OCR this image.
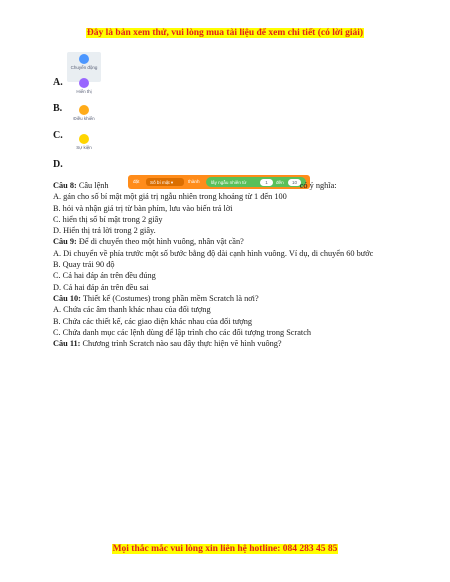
Đây là bản xem thử, vui lòng mua tài liệu để xem chi tiết (có lời giải)
A.
Chuyển động
B.
Hiển thị
C.
Điều khiển
D.
Sự kiện
đặt Số bí mật ▾	thành	lấy ngẫu nhiên từ	1	đến	10
Câu 8: Câu lệnh	có ý nghĩa:
A. gán cho số bí mật một giá trị ngẫu nhiên trong khoảng từ 1 đến 100
B. hỏi và nhận giá trị từ bàn phím, lưu vào biến trả lời
C. hiển thị số bí mật trong 2 giây
D. Hiển thị trả lời trong 2 giây.
Câu 9: Để di chuyển theo một hình vuông, nhân vật cần?
A. Di chuyển về phía trước một số bước bằng độ dài cạnh hình vuông. Ví dụ, di chuyển 60 bước
B. Quay trái 90 độ
C. Cả hai đáp án trên đều đúng
D. Cả hai đáp án trên đều sai
Câu 10: Thiết kế (Costumes) trong phần mềm Scratch là nơi?
A. Chứa các âm thanh khác nhau của đối tượng
B. Chứa các thiết kế, các giao diện khác nhau của đối tượng
C. Chứa danh mục các lệnh dùng để lập trình cho các đối tượng trong Scratch
Câu 11: Chương trình Scratch nào sau đây thực hiện vẽ hình vuông?
Mọi thắc mắc vui lòng xin liên hệ hotline: 084 283 45 85
